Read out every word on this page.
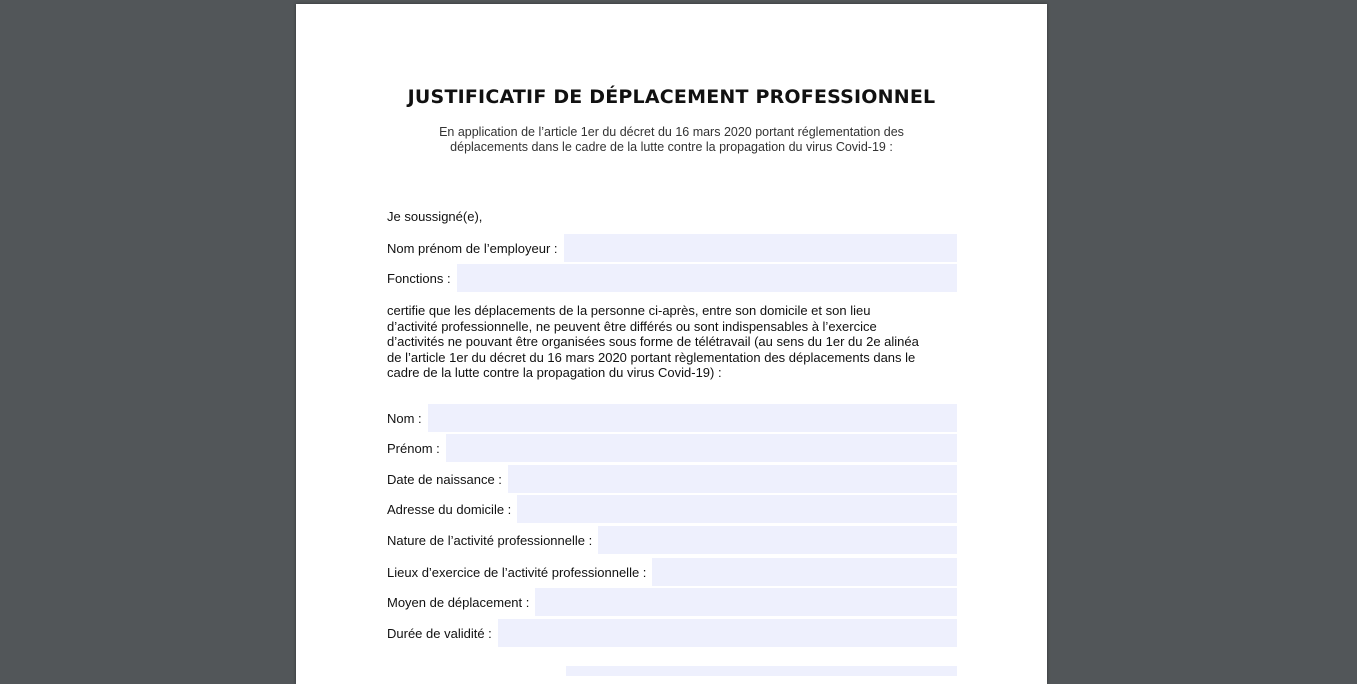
JUSTIFICATIF DE DÉPLACEMENT PROFESSIONNEL
En application de l’article 1er du décret du 16 mars 2020 portant réglementation des
déplacements dans le cadre de la lutte contre la propagation du virus Covid-19 :
Je soussigné(e),
Nom prénom de l’employeur :
Fonctions :
certifie que les déplacements de la personne ci-après, entre son domicile et son lieu
d’activité professionnelle, ne peuvent être différés ou sont indispensables à l’exercice
d’activités ne pouvant être organisées sous forme de télétravail (au sens du 1er du 2e alinéa
de l’article 1er du décret du 16 mars 2020 portant règlementation des déplacements dans le
cadre de la lutte contre la propagation du virus Covid-19) :
Nom :
Prénom :
Date de naissance :
Adresse du domicile :
Nature de l’activité professionnelle :
Lieux d’exercice de l’activité professionnelle :
Moyen de déplacement :
Durée de validité :
